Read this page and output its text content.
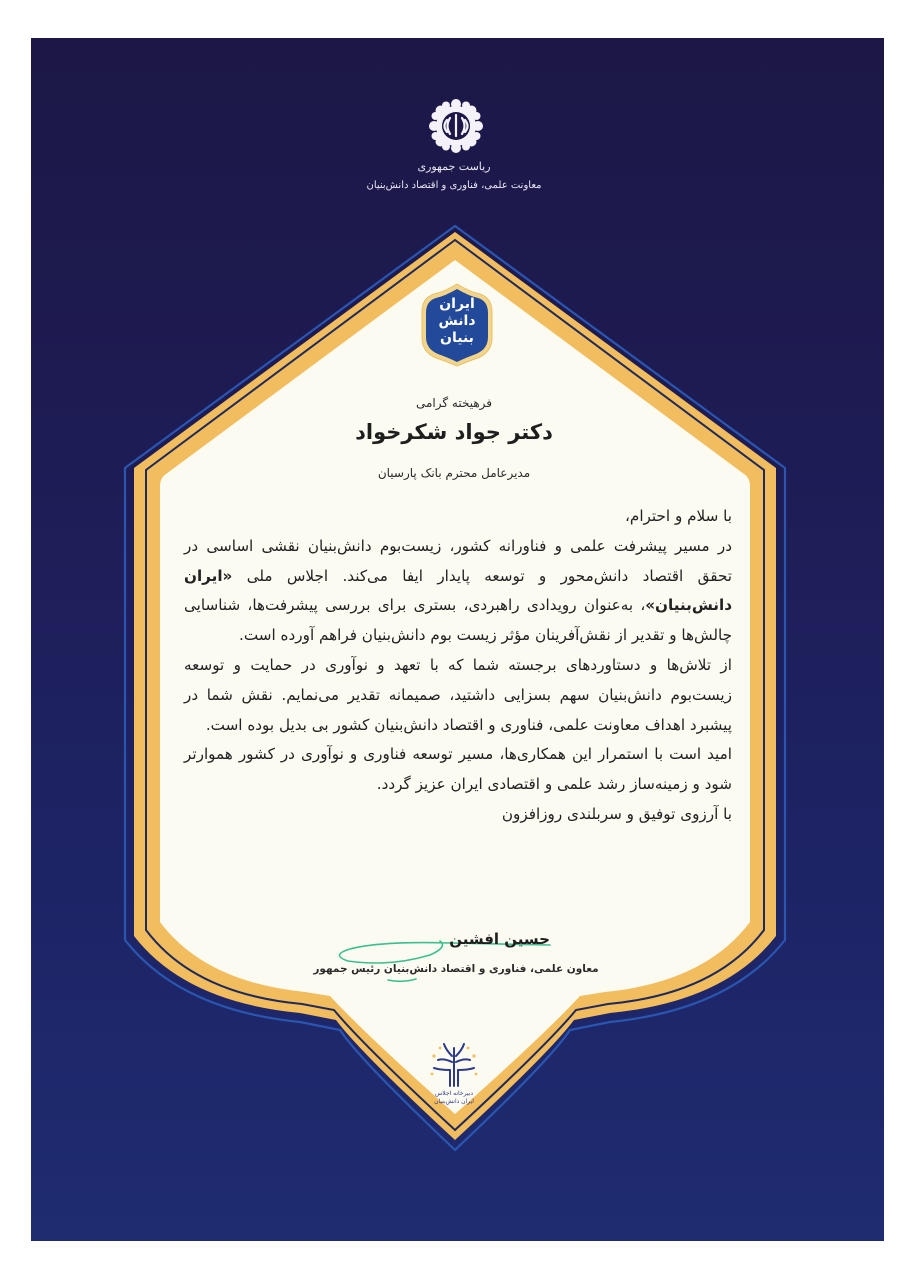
ریاست جمهوری
معاونت علمی، فناوری و اقتصاد دانش‌بنیان
ایران
دانش
بنیان
فرهیخته گرامی
دکتر جواد شکرخواد
مدیرعامل محترم بانک پارسیان

با سلام و احترام،

در مسیر پیشرفت علمی و فناورانه کشور، زیست‌بوم دانش‌بنیان نقشی اساسی در تحقق اقتصاد دانش‌محور و توسعه پایدار ایفا می‌کند. اجلاس ملی «ایران دانش‌بنیان»، به‌عنوان رویدادی راهبردی، بستری برای بررسی پیشرفت‌ها، شناسایی چالش‌ها و تقدیر از نقش‌آفرینان مؤثر زیست بوم دانش‌بنیان فراهم آورده است.

از تلاش‌ها و دستاوردهای برجسته شما که با تعهد و نوآوری در حمایت و توسعه زیست‌بوم دانش‌بنیان سهم بسزایی داشتید، صمیمانه تقدیر می‌نمایم. نقش شما در پیشبرد اهداف معاونت علمی، فناوری و اقتصاد دانش‌بنیان کشور بی بدیل بوده است.

امید است با استمرار این همکاری‌ها، مسیر توسعه فناوری و نوآوری در کشور هموارتر شود و زمینه‌ساز رشد علمی و اقتصادی ایران عزیز گردد.

با آرزوی توفیق و سربلندی روزافزون

حسین افشین
معاون علمی، فناوری و اقتصاد دانش‌بنیان رئیس جمهور
دبیرخانه اجلاس
ایران دانش‌بنیان
